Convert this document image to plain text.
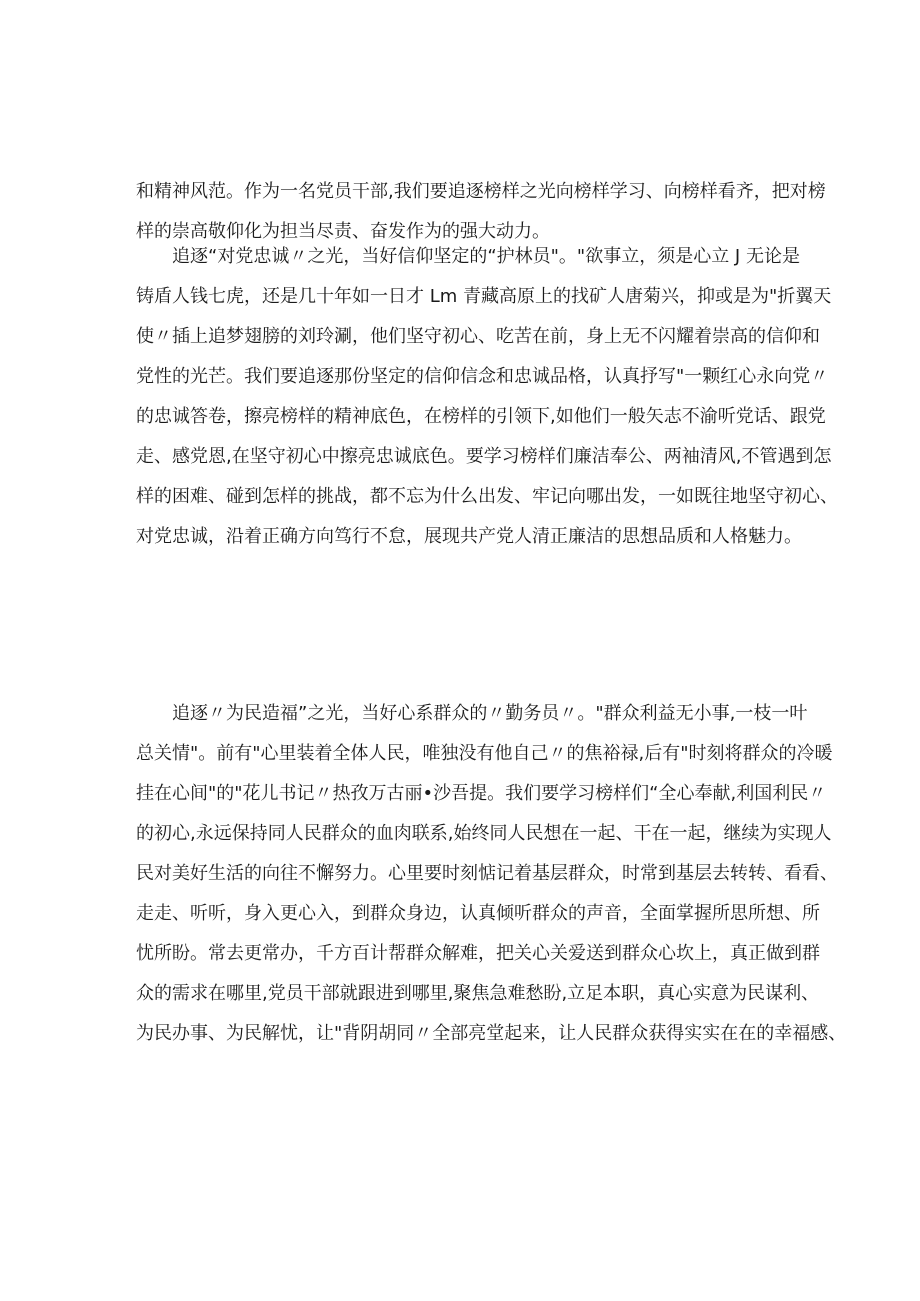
和精神风范。作为一名党员干部,我们要追逐榜样之光向榜样学习、向榜样看齐，把对榜
样的崇高敬仰化为担当尽责、奋发作为的强大动力。
追逐“对党忠诚〃之光，当好信仰坚定的“护林员"。"欲事立，须是心立 J 无论是
铸盾人钱七虎，还是几十年如一日才 Lm 青藏高原上的找矿人唐菊兴，抑或是为"折翼天
使〃插上追梦翅膀的刘玲涮，他们坚守初心、吃苦在前，身上无不闪耀着崇高的信仰和
党性的光芒。我们要追逐那份坚定的信仰信念和忠诚品格，认真抒写"一颗红心永向党〃
的忠诚答卷，擦亮榜样的精神底色，在榜样的引领下,如他们一般矢志不渝听党话、跟党
走、感党恩,在坚守初心中擦亮忠诚底色。要学习榜样们廉洁奉公、两袖清风,不管遇到怎
样的困难、碰到怎样的挑战，都不忘为什么出发、牢记向哪出发，一如既往地坚守初心、
对党忠诚，沿着正确方向笃行不怠，展现共产党人清正廉洁的思想品质和人格魅力。
追逐〃为民造福”之光，当好心系群众的〃勤务员〃。"群众利益无小事,一枝一叶
总关情"。前有"心里装着全体人民，唯独没有他自己〃的焦裕禄,后有"时刻将群众的冷暖
挂在心间"的"花儿书记〃热孜万古丽•沙吾提。我们要学习榜样们“全心奉献,利国利民〃
的初心,永远保持同人民群众的血肉联系,始终同人民想在一起、干在一起，继续为实现人
民对美好生活的向往不懈努力。心里要时刻惦记着基层群众，时常到基层去转转、看看、
走走、听听，身入更心入，到群众身边，认真倾听群众的声音，全面掌握所思所想、所
忧所盼。常去更常办，千方百计帮群众解难，把关心关爱送到群众心坎上，真正做到群
众的需求在哪里,党员干部就跟进到哪里,聚焦急难愁盼,立足本职，真心实意为民谋利、
为民办事、为民解忧，让"背阴胡同〃全部亮堂起来，让人民群众获得实实在在的幸福感、
